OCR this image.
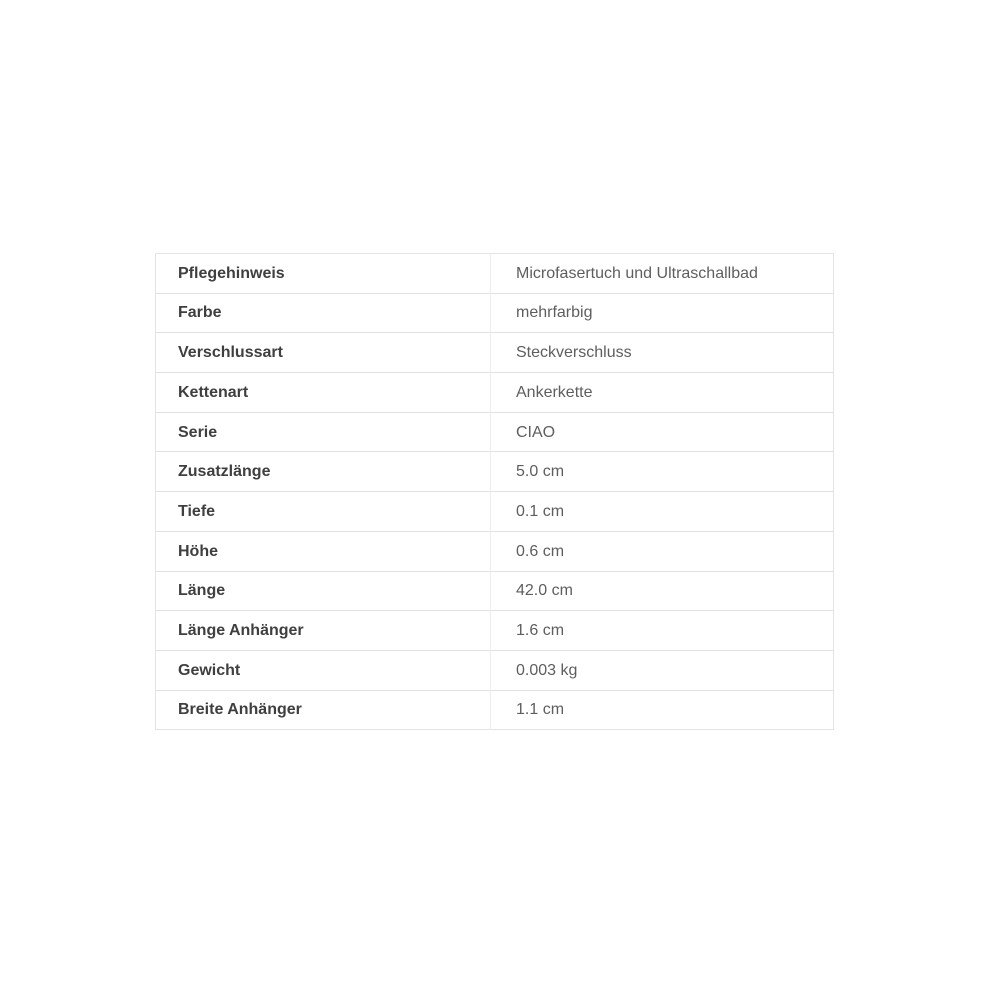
Pflegehinweis	Microfasertuch und Ultraschallbad
Farbe	mehrfarbig
Verschlussart	Steckverschluss
Kettenart	Ankerkette
Serie	CIAO
Zusatzlänge	5.0 cm
Tiefe	0.1 cm
Höhe	0.6 cm
Länge	42.0 cm
Länge Anhänger	1.6 cm
Gewicht	0.003 kg
Breite Anhänger	1.1 cm
